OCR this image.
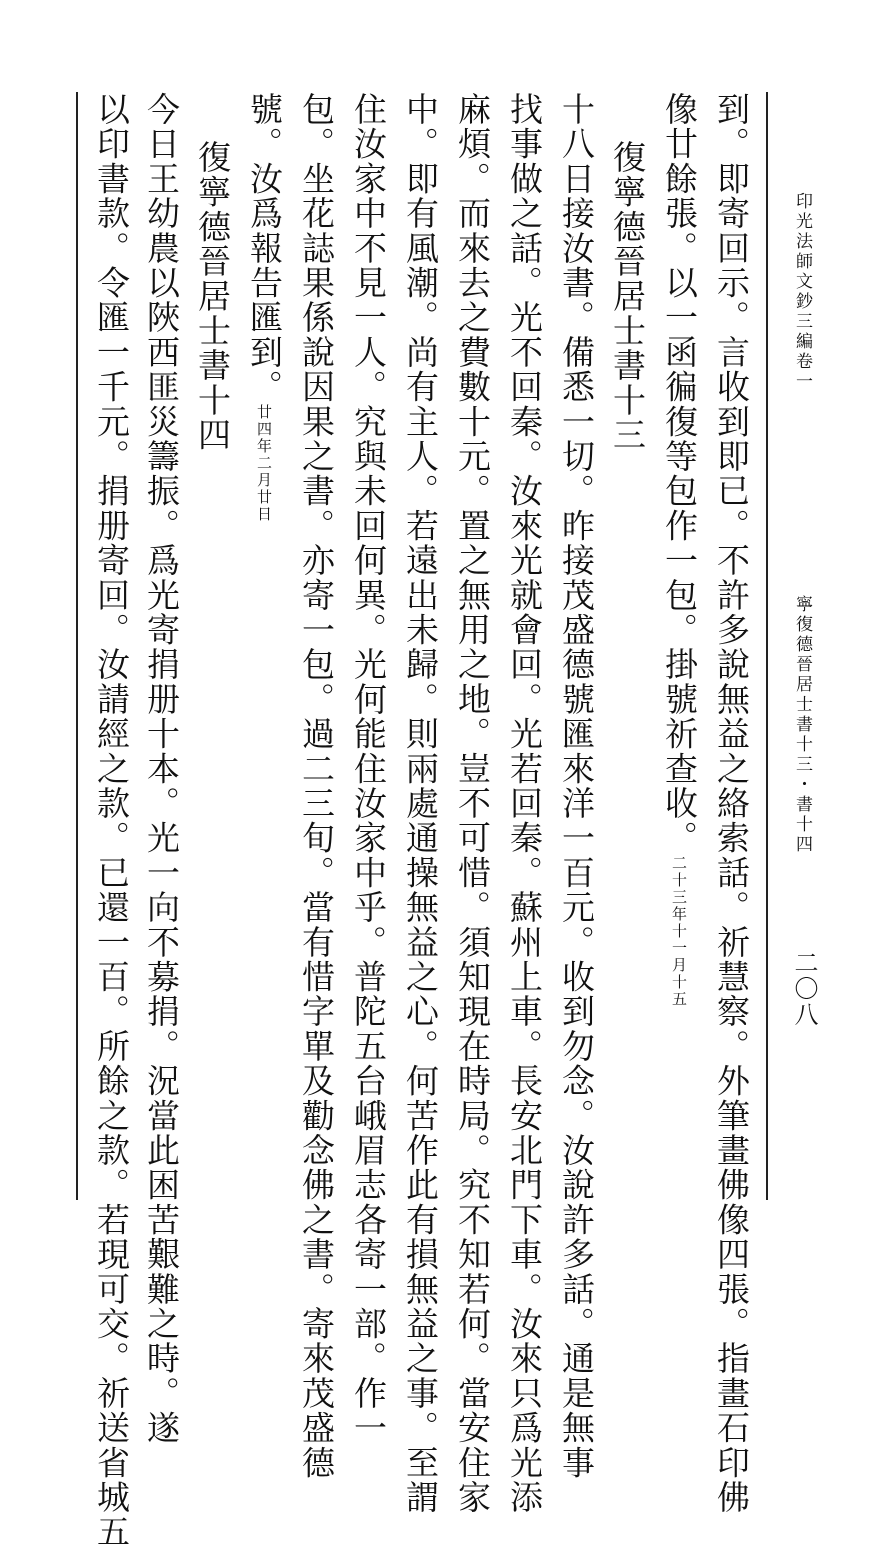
印光法師文鈔三編卷一
寧復德晉居士書十三・書十四
二〇八
到。即寄回示。言收到即已。不許多說無益之絡索話。祈慧察。外筆畫佛像四張。指畫石印佛
像廿餘張。以一函徧復等包作一包。掛號祈查收。二十三年十一月十五
復寧德晉居士書十三
十八日接汝書。備悉一切。昨接茂盛德號匯來洋一百元。收到勿念。汝說許多話。通是無事
找事做之話。光不回秦。汝來光就會回。光若回秦。蘇州上車。長安北門下車。汝來只爲光添
麻煩。而來去之費數十元。置之無用之地。豈不可惜。須知現在時局。究不知若何。當安住家
中。即有風潮。尚有主人。若遠出未歸。則兩處通操無益之心。何苦作此有損無益之事。至謂
住汝家中不見一人。究與未回何異。光何能住汝家中乎。普陀五台峨眉志各寄一部。作一
包。坐花誌果係說因果之書。亦寄一包。過二三旬。當有惜字單及勸念佛之書。寄來茂盛德
號。汝爲報告匯到。廿四年二月廿日
復寧德晉居士書十四
今日王幼農以陜西匪災籌振。爲光寄捐册十本。光一向不募捐。況當此困苦艱難之時。遂
以印書款。令匯一千元。捐册寄回。汝請經之款。已還一百。所餘之款。若現可交。祈送省城五
